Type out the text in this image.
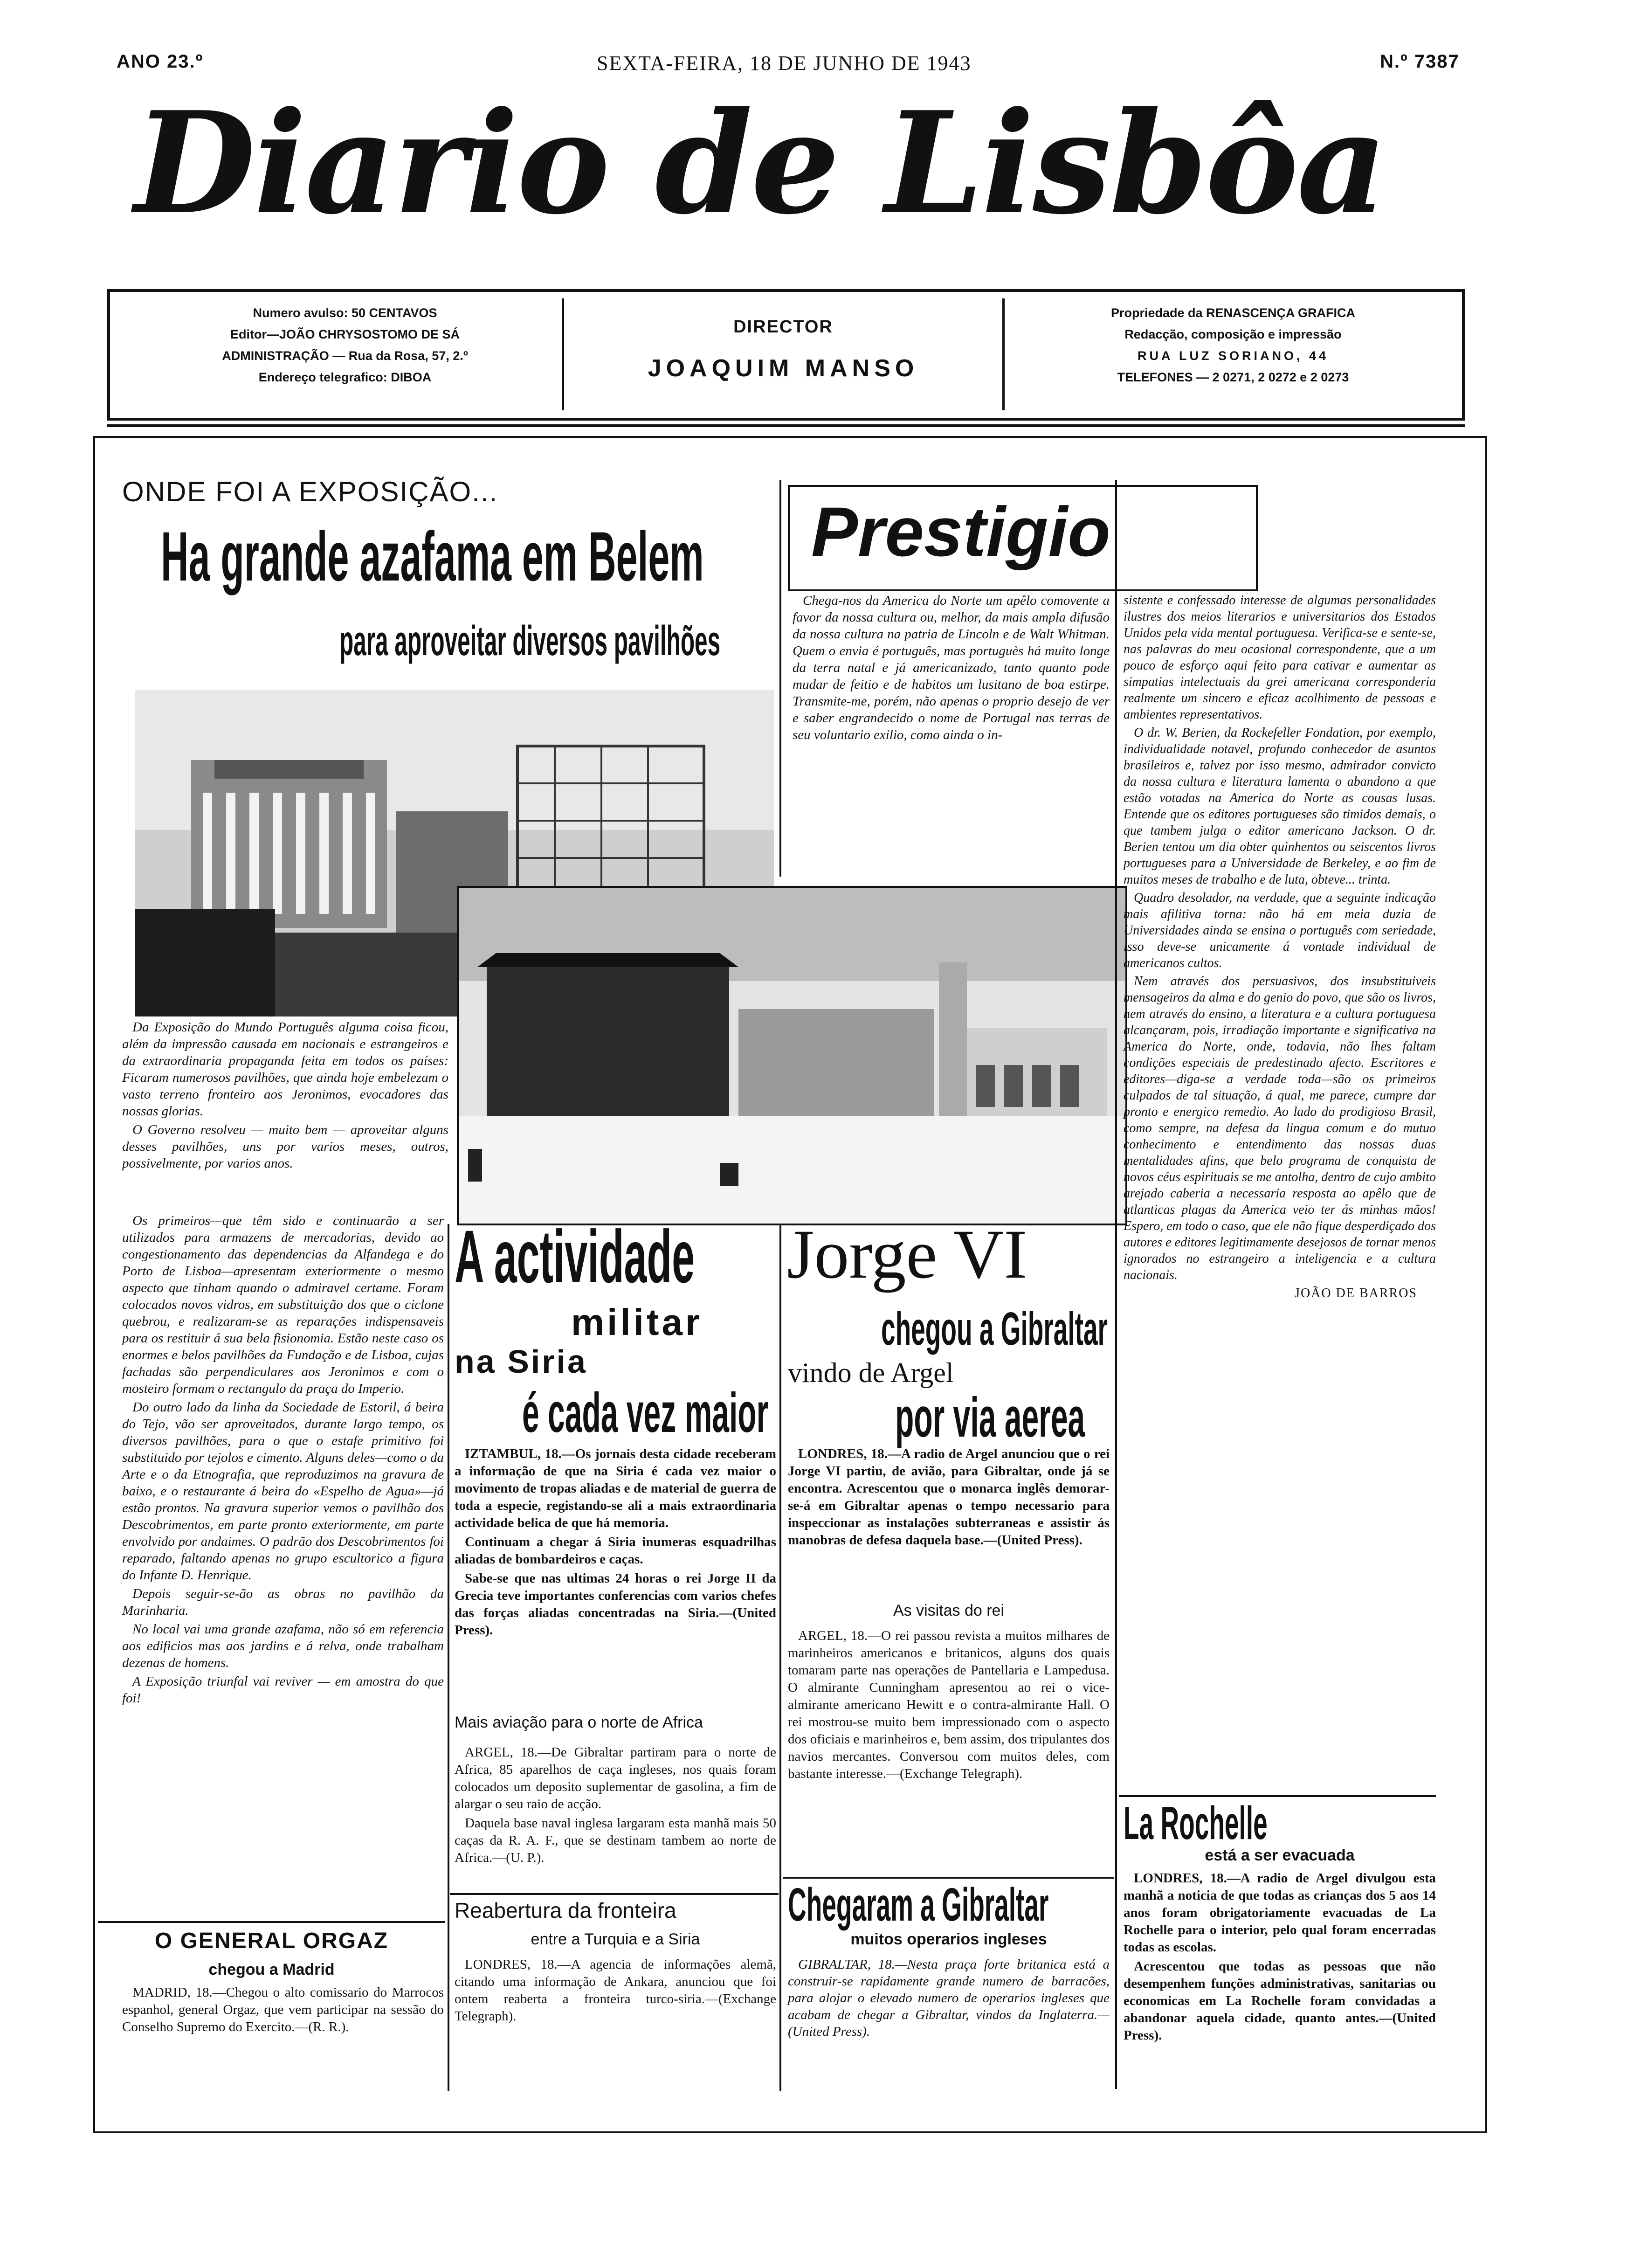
ANO 23.º	SEXTA-FEIRA, 18 DE JUNHO DE 1943	N.º 7387
Diario de Lisbôa
Numero avulso: 50 CENTAVOS
Editor—JOÃO CHRYSOSTOMO DE SÁ
ADMINISTRAÇÃO — Rua da Rosa, 57, 2.º
Endereço telegrafico: DIBOA
DIRECTOR
JOAQUIM MANSO
Propriedade da RENASCENÇA GRAFICA
Redacção, composição e impressão
RUA LUZ SORIANO, 44
TELEFONES — 2 0271, 2 0272 e 2 0273
ONDE FOI A EXPOSIÇÃO...
Ha grande azafama em Belem
para aproveitar diversos pavilhões

Da Exposição do Mundo Português alguma coisa ficou, além da impressão causada em nacionais e estrangeiros e da extraordinaria propaganda feita em todos os países: Ficaram numerosos pavilhões, que ainda hoje embelezam o vasto terreno fronteiro aos Jeronimos, evocadores das nossas glorias.

O Governo resolveu — muito bem — aproveitar alguns desses pavilhões, uns por varios meses, outros, possivelmente, por varios anos.

Os primeiros—que têm sido e continuarão a ser utilizados para armazens de mercadorias, devido ao congestionamento das dependencias da Alfandega e do Porto de Lisboa—apresentam exteriormente o mesmo aspecto que tinham quando o admiravel certame. Foram colocados novos vidros, em substituição dos que o ciclone quebrou, e realizaram-se as reparações indispensaveis para os restituir á sua bela fisionomia. Estão neste caso os enormes e belos pavilhões da Fundação e de Lisboa, cujas fachadas são perpendiculares aos Jeronimos e com o mosteiro formam o rectangulo da praça do Imperio.

Do outro lado da linha da Sociedade de Estoril, á beira do Tejo, vão ser aproveitados, durante largo tempo, os diversos pavilhões, para o que o estafe primitivo foi substituido por tejolos e cimento. Alguns deles—como o da Arte e o da Etnografia, que reproduzimos na gravura de baixo, e o restaurante á beira do «Espelho de Agua»—já estão prontos. Na gravura superior vemos o pavilhão dos Descobrimentos, em parte pronto exteriormente, em parte envolvido por andaimes. O padrão dos Descobrimentos foi reparado, faltando apenas no grupo escultorico a figura do Infante D. Henrique.

Depois seguir-se-ão as obras no pavilhão da Marinharia.

No local vai uma grande azafama, não só em referencia aos edificios mas aos jardins e á relva, onde trabalham dezenas de homens.

A Exposição triunfal vai reviver — em amostra do que foi!

Prestigio

Chega-nos da America do Norte um apêlo comovente a favor da nossa cultura ou, melhor, da mais ampla difusão da nossa cultura na patria de Lincoln e de Walt Whitman. Quem o envia é português, mas portuguès há muito longe da terra natal e já americanizado, tanto quanto pode mudar de feitio e de habitos um lusitano de boa estirpe. Transmite-me, porém, não apenas o proprio desejo de ver e saber engrandecido o nome de Portugal nas terras de seu voluntario exilio, como ainda o in-

sistente e confessado interesse de algumas personalidades ilustres dos meios literarios e universitarios dos Estados Unidos pela vida mental portuguesa. Verifica-se e sente-se, nas palavras do meu ocasional correspondente, que a um pouco de esforço aqui feito para cativar e aumentar as simpatias intelectuais da grei americana corresponderia realmente um sincero e eficaz acolhimento de pessoas e ambientes representativos.

O dr. W. Berien, da Rockefeller Fondation, por exemplo, individualidade notavel, profundo conhecedor de asuntos brasileiros e, talvez por isso mesmo, admirador convicto da nossa cultura e literatura lamenta o abandono a que estão votadas na America do Norte as cousas lusas. Entende que os editores portugueses são timidos demais, o que tambem julga o editor americano Jackson. O dr. Berien tentou um dia obter quinhentos ou seiscentos livros portugueses para a Universidade de Berkeley, e ao fim de muitos meses de trabalho e de luta, obteve... trinta.

Quadro desolador, na verdade, que a seguinte indicação mais afilitiva torna: não há em meia duzia de Universidades ainda se ensina o português com seriedade, isso deve-se unicamente á vontade individual de americanos cultos.

Nem através dos persuasivos, dos insubstituiveis mensageiros da alma e do genio do povo, que são os livros, nem através do ensino, a literatura e a cultura portuguesa alcançaram, pois, irradiação importante e significativa na America do Norte, onde, todavia, não lhes faltam condições especiais de predestinado afecto. Escritores e editores—diga-se a verdade toda—são os primeiros culpados de tal situação, á qual, me parece, cumpre dar pronto e energico remedio. Ao lado do prodigioso Brasil, como sempre, na defesa da lingua comum e do mutuo conhecimento e entendimento das nossas duas mentalidades afins, que belo programa de conquista de novos céus espirituais se me antolha, dentro de cujo ambito arejado caberia a necessaria resposta ao apêlo que de atlanticas plagas da America veio ter ás minhas mãos! Espero, em todo o caso, que ele não fique desperdiçado dos autores e editores legitimamente desejosos de tornar menos ignorados no estrangeiro a inteligencia e a cultura nacionais.

JOÃO DE BARROS

A actividade
militar
na Siria
é cada vez maior

IZTAMBUL, 18.—Os jornais desta cidade receberam a informação de que na Siria é cada vez maior o movimento de tropas aliadas e de material de guerra de toda a especie, registando-se ali a mais extraordinaria actividade belica de que há memoria.

Continuam a chegar á Siria inumeras esquadrilhas aliadas de bombardeiros e caças.

Sabe-se que nas ultimas 24 horas o rei Jorge II da Grecia teve importantes conferencias com varios chefes das forças aliadas concentradas na Siria.—(United Press).

Mais aviação para o norte de Africa

ARGEL, 18.—De Gibraltar partiram para o norte de Africa, 85 aparelhos de caça ingleses, nos quais foram colocados um deposito suplementar de gasolina, a fim de alargar o seu raio de acção.

Daquela base naval inglesa largaram esta manhã mais 50 caças da R. A. F., que se destinam tambem ao norte de Africa.—(U. P.).

Jorge VI
chegou a Gibraltar
vindo de Argel
por via aerea

LONDRES, 18.—A radio de Argel anunciou que o rei Jorge VI partiu, de avião, para Gibraltar, onde já se encontra. Acrescentou que o monarca inglês demorar-se-á em Gibraltar apenas o tempo necessario para inspeccionar as instalações subterraneas e assistir ás manobras de defesa daquela base.—(United Press).

As visitas do rei

ARGEL, 18.—O rei passou revista a muitos milhares de marinheiros americanos e britanicos, alguns dos quais tomaram parte nas operações de Pantellaria e Lampedusa. O almirante Cunningham apresentou ao rei o vice-almirante americano Hewitt e o contra-almirante Hall. O rei mostrou-se muito bem impressionado com o aspecto dos oficiais e marinheiros e, bem assim, dos tripulantes dos navios mercantes. Conversou com muitos deles, com bastante interesse.—(Exchange Telegraph).

O GENERAL ORGAZ
chegou a Madrid

MADRID, 18.—Chegou o alto comissario do Marrocos espanhol, general Orgaz, que vem participar na sessão do Conselho Supremo do Exercito.—(R. R.).

Reabertura da fronteira
entre a Turquia e a Siria

LONDRES, 18.—A agencia de informações alemã, citando uma informação de Ankara, anunciou que foi ontem reaberta a fronteira turco-siria.—(Exchange Telegraph).

Chegaram a Gibraltar
muitos operarios ingleses

GIBRALTAR, 18.—Nesta praça forte britanica está a construir-se rapidamente grande numero de barracões, para alojar o elevado numero de operarios ingleses que acabam de chegar a Gibraltar, vindos da Inglaterra.—(United Press).

La Rochelle
está a ser evacuada

LONDRES, 18.—A radio de Argel divulgou esta manhã a noticia de que todas as crianças dos 5 aos 14 anos foram obrigatoriamente evacuadas de La Rochelle para o interior, pelo qual foram encerradas todas as escolas.

Acrescentou que todas as pessoas que não desempenhem funções administrativas, sanitarias ou economicas em La Rochelle foram convidadas a abandonar aquela cidade, quanto antes.—(United Press).
